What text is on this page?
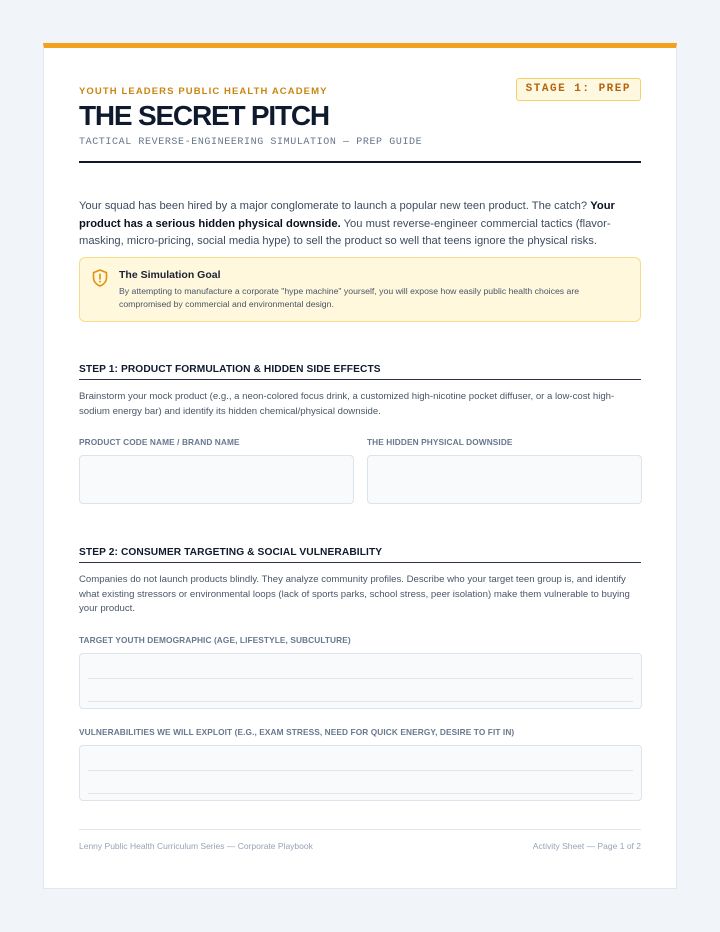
YOUTH LEADERS PUBLIC HEALTH ACADEMY	STAGE 1: PREP
THE SECRET PITCH
TACTICAL REVERSE-ENGINEERING SIMULATION — PREP GUIDE

Your squad has been hired by a major conglomerate to launch a popular new teen product. The catch? Your product has a serious hidden physical downside. You must reverse-engineer commercial tactics (flavor-masking, micro-pricing, social media hype) to sell the product so well that teens ignore the physical risks.

The Simulation Goal
By attempting to manufacture a corporate "hype machine" yourself, you will expose how easily public health choices are compromised by commercial and environmental design.
STEP 1: PRODUCT FORMULATION & HIDDEN SIDE EFFECTS

Brainstorm your mock product (e.g., a neon-colored focus drink, a customized high-nicotine pocket diffuser, or a low-cost high-sodium energy bar) and identify its hidden chemical/physical downside.

PRODUCT CODE NAME / BRAND NAME	THE HIDDEN PHYSICAL DOWNSIDE
STEP 2: CONSUMER TARGETING & SOCIAL VULNERABILITY

Companies do not launch products blindly. They analyze community profiles. Describe who your target teen group is, and identify what existing stressors or environmental loops (lack of sports parks, school stress, peer isolation) make them vulnerable to buying your product.

TARGET YOUTH DEMOGRAPHIC (AGE, LIFESTYLE, SUBCULTURE)
VULNERABILITIES WE WILL EXPLOIT (E.G., EXAM STRESS, NEED FOR QUICK ENERGY, DESIRE TO FIT IN)
Lenny Public Health Curriculum Series — Corporate Playbook	Activity Sheet — Page 1 of 2
